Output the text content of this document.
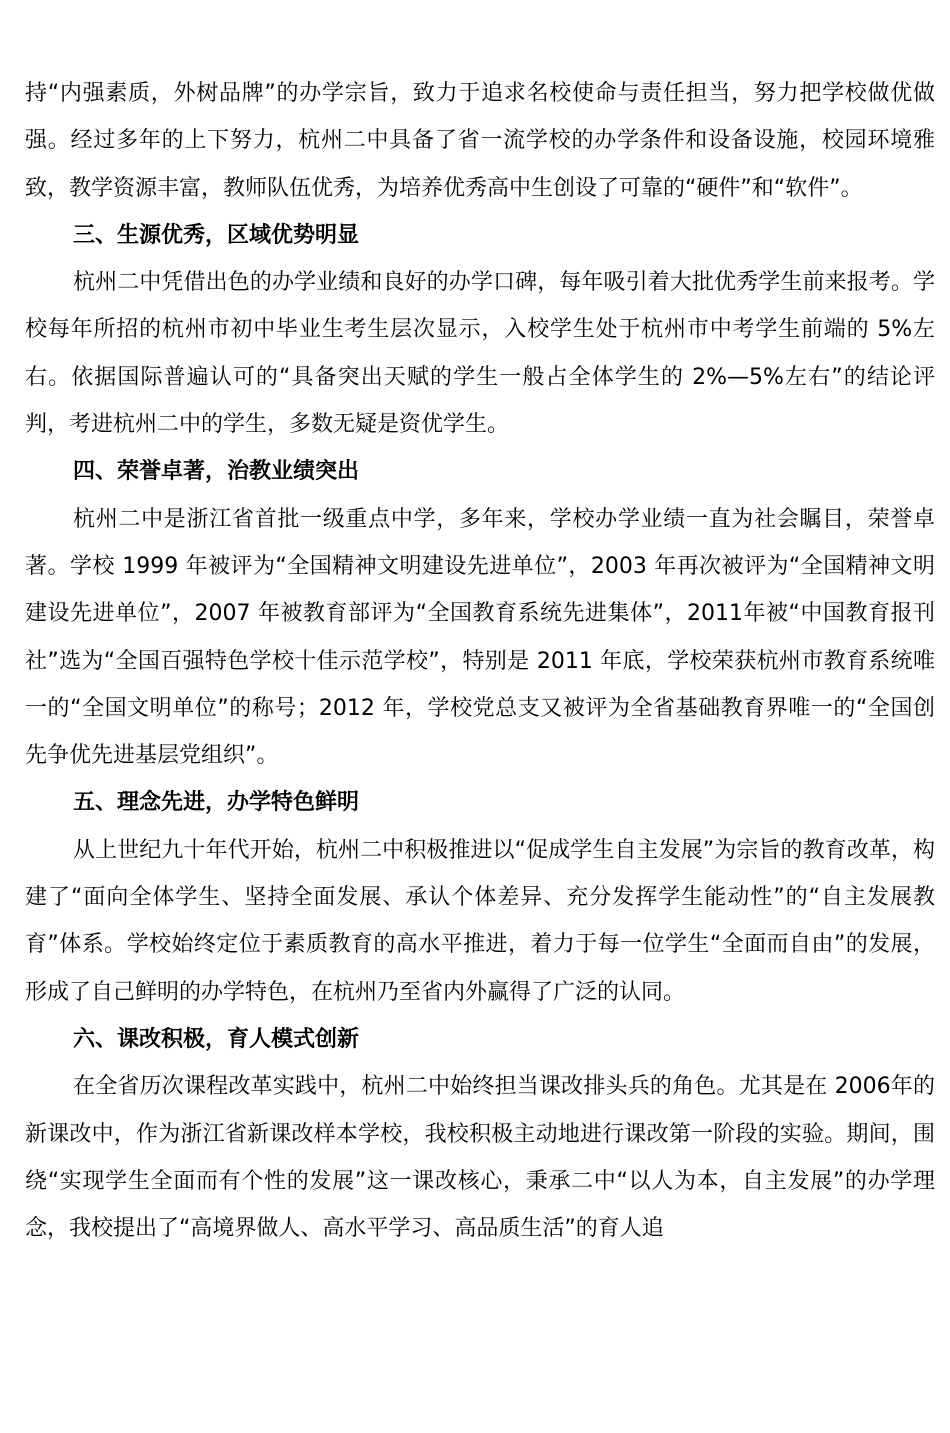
持“内强素质，外树品牌”的办学宗旨，致力于追求名校使命与责任担当，努力把学校做优做强。经过多年的上下努力，杭州二中具备了省一流学校的办学条件和设备设施，校园环境雅致，教学资源丰富，教师队伍优秀，为培养优秀高中生创设了可靠的“硬件”和“软件”。

三、生源优秀，区域优势明显

杭州二中凭借出色的办学业绩和良好的办学口碑，每年吸引着大批优秀学生前来报考。学校每年所招的杭州市初中毕业生考生层次显示，入校学生处于杭州市中考学生前端的 5%左右。依据国际普遍认可的“具备突出天赋的学生一般占全体学生的 2%—5%左右”的结论评判，考进杭州二中的学生，多数无疑是资优学生。

四、荣誉卓著，治教业绩突出

杭州二中是浙江省首批一级重点中学，多年来，学校办学业绩一直为社会瞩目，荣誉卓著。学校 1999 年被评为“全国精神文明建设先进单位”，2003 年再次被评为“全国精神文明建设先进单位”，2007 年被教育部评为“全国教育系统先进集体”，2011年被“中国教育报刊社”选为“全国百强特色学校十佳示范学校”，特别是 2011 年底，学校荣获杭州市教育系统唯一的“全国文明单位”的称号；2012 年，学校党总支又被评为全省基础教育界唯一的“全国创先争优先进基层党组织”。

五、理念先进，办学特色鲜明

从上世纪九十年代开始，杭州二中积极推进以“促成学生自主发展”为宗旨的教育改革，构建了“面向全体学生、坚持全面发展、承认个体差异、充分发挥学生能动性”的“自主发展教育”体系。学校始终定位于素质教育的高水平推进，着力于每一位学生“全面而自由”的发展，形成了自己鲜明的办学特色，在杭州乃至省内外赢得了广泛的认同。

六、课改积极，育人模式创新

在全省历次课程改革实践中，杭州二中始终担当课改排头兵的角色。尤其是在 2006年的新课改中，作为浙江省新课改样本学校，我校积极主动地进行课改第一阶段的实验。期间，围绕“实现学生全面而有个性的发展”这一课改核心，秉承二中“以人为本，自主发展”的办学理念，我校提出了“高境界做人、高水平学习、高品质生活”的育人追
